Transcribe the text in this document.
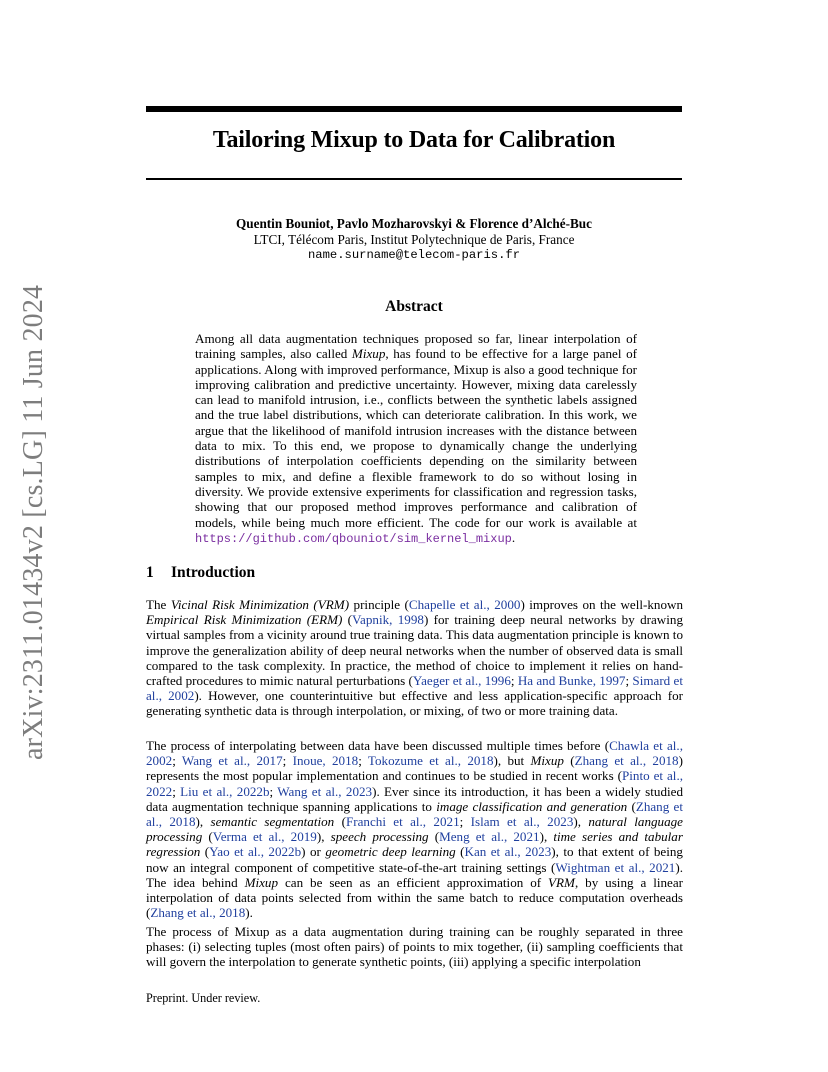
arXiv:2311.01434v2 [cs.LG] 11 Jun 2024
Tailoring Mixup to Data for Calibration
Quentin Bouniot, Pavlo Mozharovskyi & Florence d’Alché-Buc
LTCI, Télécom Paris, Institut Polytechnique de Paris, France
name.surname@telecom-paris.fr
Abstract
Among all data augmentation techniques proposed so far, linear interpolation of training samples, also called Mixup, has found to be effective for a large panel of applications. Along with improved performance, Mixup is also a good technique for improving calibration and predictive uncertainty. However, mixing data carelessly can lead to manifold intrusion, i.e., conflicts between the synthetic labels assigned and the true label distributions, which can deteriorate calibration. In this work, we argue that the likelihood of manifold intrusion increases with the distance between data to mix. To this end, we propose to dynamically change the underlying distributions of interpolation coefficients depending on the similarity between samples to mix, and define a flexible framework to do so without losing in diversity. We provide extensive experiments for classification and regression tasks, showing that our proposed method improves performance and calibration of models, while being much more efficient. The code for our work is available at https://github.com/qbouniot/sim_kernel_mixup.
1 Introduction
The Vicinal Risk Minimization (VRM) principle (Chapelle et al., 2000) improves on the well-known Empirical Risk Minimization (ERM) (Vapnik, 1998) for training deep neural networks by drawing virtual samples from a vicinity around true training data. This data augmentation principle is known to improve the generalization ability of deep neural networks when the number of observed data is small compared to the task complexity. In practice, the method of choice to implement it relies on hand-crafted procedures to mimic natural perturbations (Yaeger et al., 1996; Ha and Bunke, 1997; Simard et al., 2002). However, one counterintuitive but effective and less application-specific approach for generating synthetic data is through interpolation, or mixing, of two or more training data.
The process of interpolating between data have been discussed multiple times before (Chawla et al., 2002; Wang et al., 2017; Inoue, 2018; Tokozume et al., 2018), but Mixup (Zhang et al., 2018) represents the most popular implementation and continues to be studied in recent works (Pinto et al., 2022; Liu et al., 2022b; Wang et al., 2023). Ever since its introduction, it has been a widely studied data augmentation technique spanning applications to image classification and generation (Zhang et al., 2018), semantic segmentation (Franchi et al., 2021; Islam et al., 2023), natural language processing (Verma et al., 2019), speech processing (Meng et al., 2021), time series and tabular regression (Yao et al., 2022b) or geometric deep learning (Kan et al., 2023), to that extent of being now an integral component of competitive state-of-the-art training settings (Wightman et al., 2021). The idea behind Mixup can be seen as an efficient approximation of VRM, by using a linear interpolation of data points selected from within the same batch to reduce computation overheads (Zhang et al., 2018).
The process of Mixup as a data augmentation during training can be roughly separated in three phases: (i) selecting tuples (most often pairs) of points to mix together, (ii) sampling coefficients that will govern the interpolation to generate synthetic points, (iii) applying a specific interpolation
Preprint. Under review.
